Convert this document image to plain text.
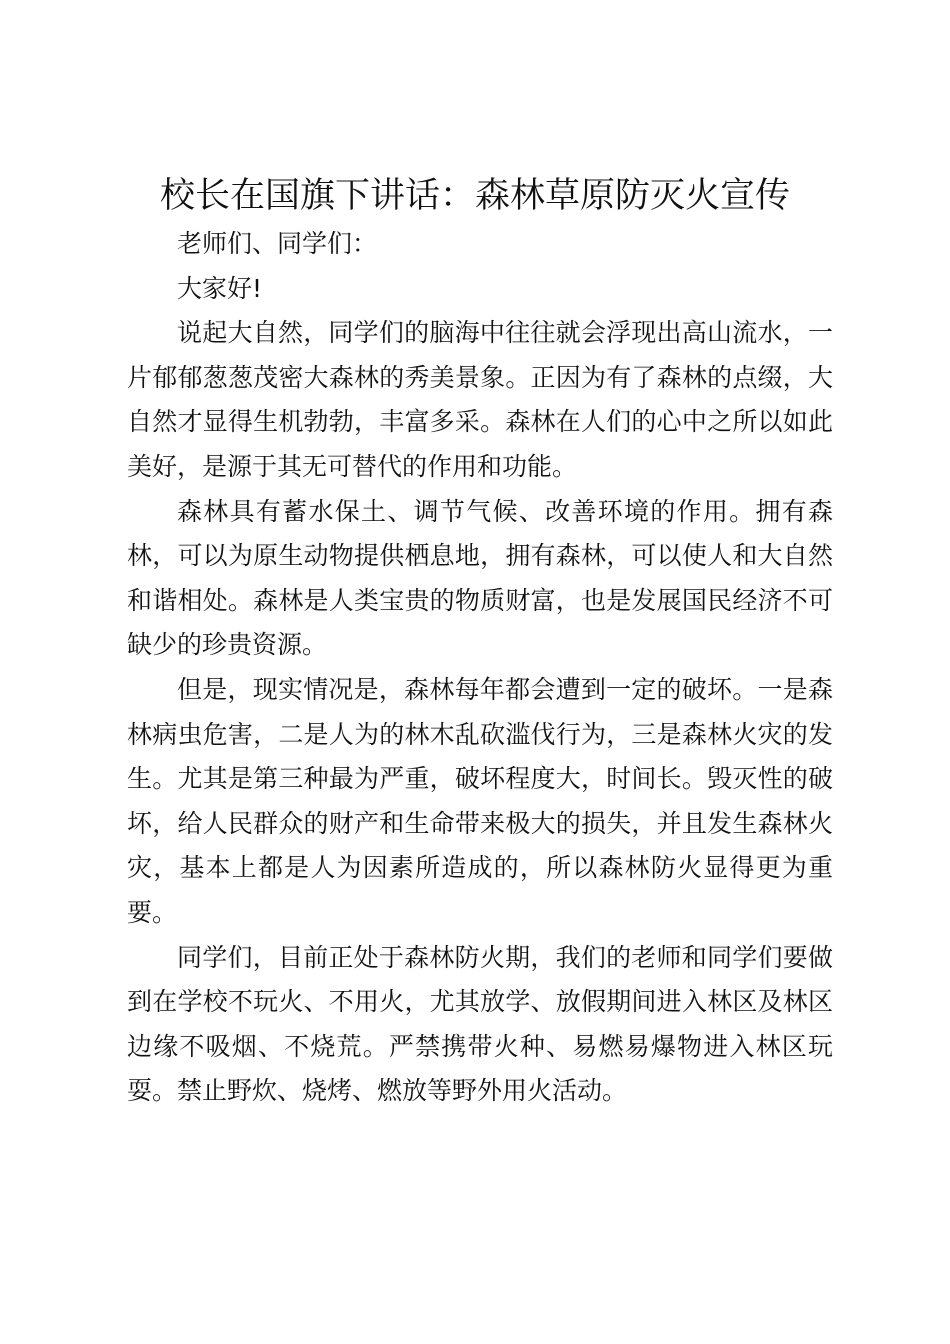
校长在国旗下讲话：森林草原防灭火宣传

老师们、同学们：

大家好!

说起大自然，同学们的脑海中往往就会浮现出高山流水，一片郁郁葱葱茂密大森林的秀美景象。正因为有了森林的点缀，大自然才显得生机勃勃，丰富多采。森林在人们的心中之所以如此美好，是源于其无可替代的作用和功能。

森林具有蓄水保土、调节气候、改善环境的作用。拥有森林，可以为原生动物提供栖息地，拥有森林，可以使人和大自然和谐相处。森林是人类宝贵的物质财富，也是发展国民经济不可缺少的珍贵资源。

但是，现实情况是，森林每年都会遭到一定的破坏。一是森林病虫危害，二是人为的林木乱砍滥伐行为，三是森林火灾的发生。尤其是第三种最为严重，破坏程度大，时间长。毁灭性的破坏，给人民群众的财产和生命带来极大的损失，并且发生森林火灾，基本上都是人为因素所造成的，所以森林防火显得更为重要。

同学们，目前正处于森林防火期，我们的老师和同学们要做到在学校不玩火、不用火，尤其放学、放假期间进入林区及林区边缘不吸烟、不烧荒。严禁携带火种、易燃易爆物进入林区玩耍。禁止野炊、烧烤、燃放等野外用火活动。
